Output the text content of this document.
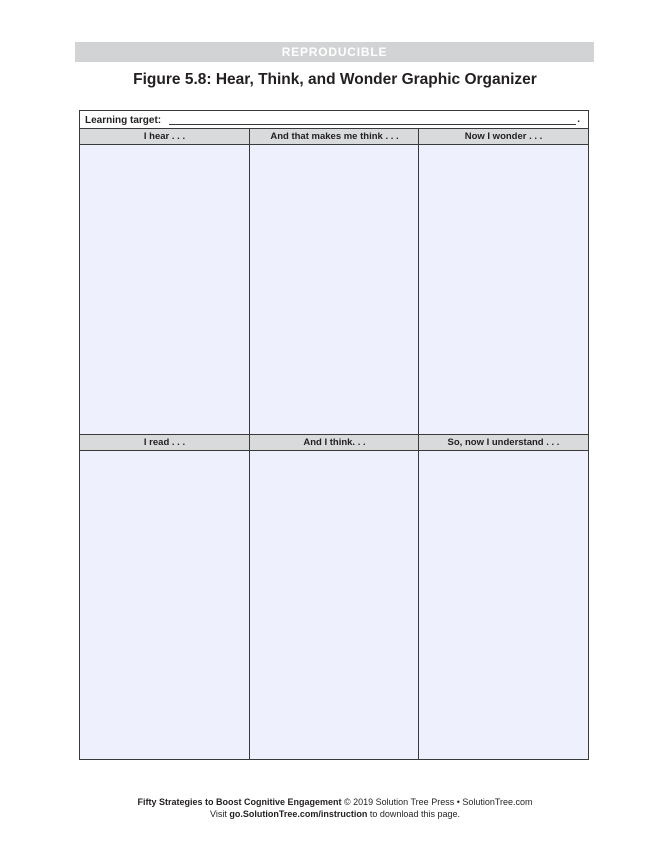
REPRODUCIBLE
Figure 5.8: Hear, Think, and Wonder Graphic Organizer
Learning target:	.
I hear . . .	And that makes me think . . .	Now I wonder . . .
I read . . .	And I think. . .	So, now I understand . . .
Fifty Strategies to Boost Cognitive Engagement © 2019 Solution Tree Press • SolutionTree.com
Visit go.SolutionTree.com/instruction to download this page.
